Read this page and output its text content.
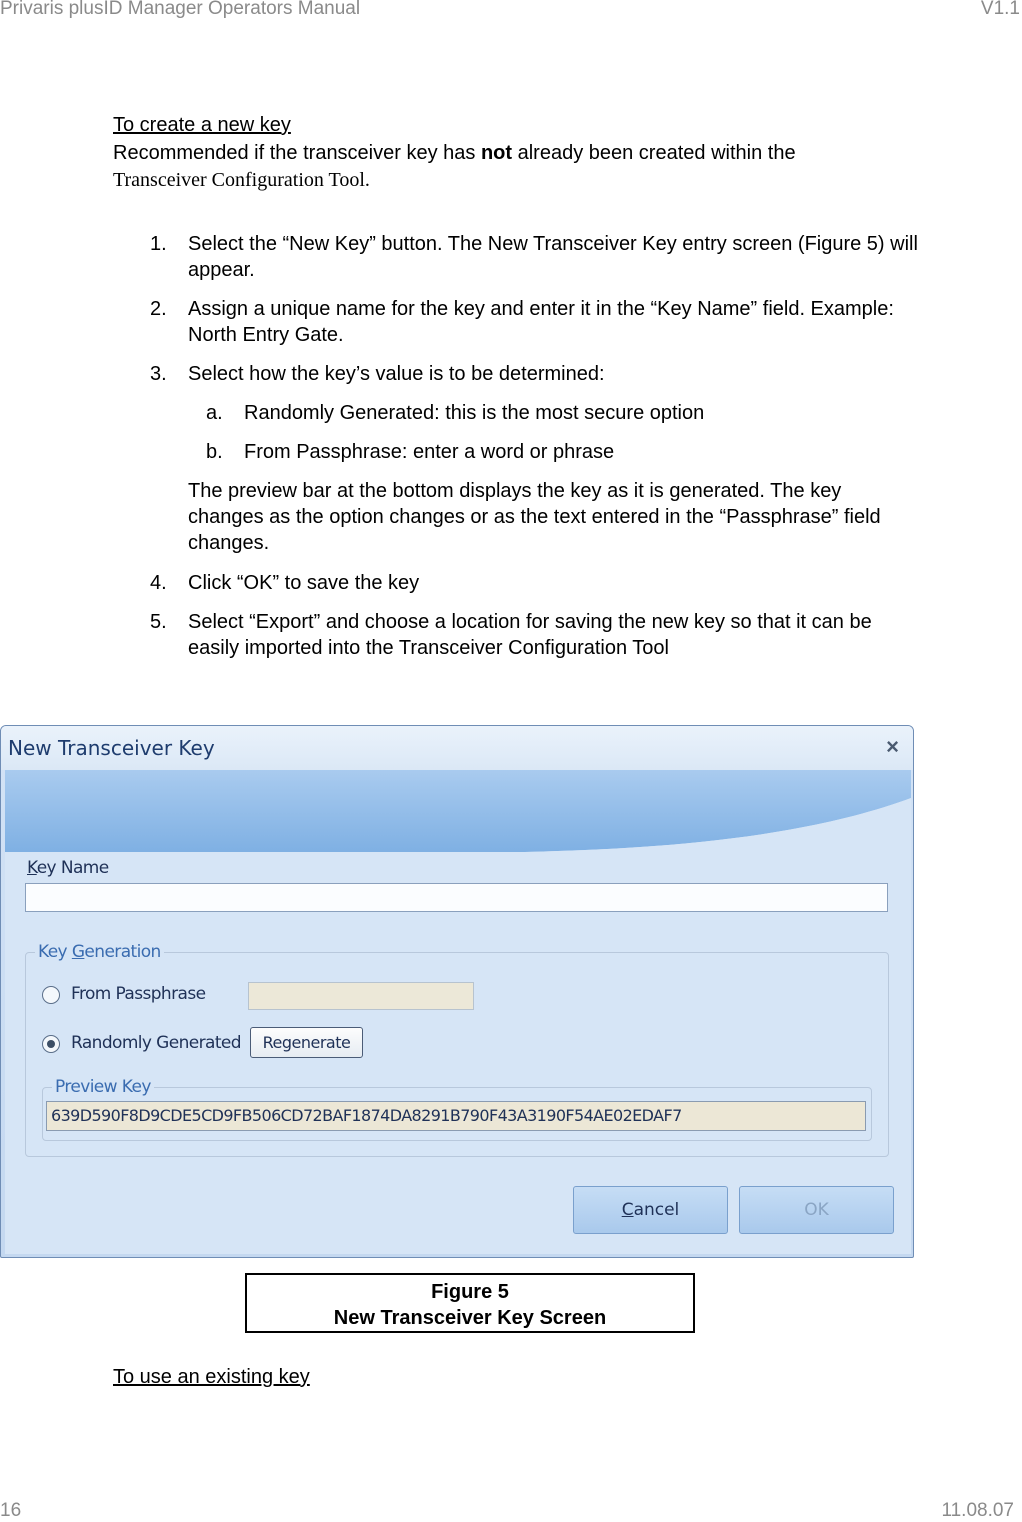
Privaris plusID Manager Operators Manual	V1.1
To create a new key
Recommended if the transceiver key has not already been created within the
Transceiver Configuration Tool.
1. Select the “New Key” button. The New Transceiver Key entry screen (Figure 5) will appear.
2. Assign a unique name for the key and enter it in the “Key Name” field. Example: North Entry Gate.
3. Select how the key’s value is to be determined:
a. Randomly Generated: this is the most secure option
b. From Passphrase: enter a word or phrase
The preview bar at the bottom displays the key as it is generated. The key changes as the option changes or as the text entered in the “Passphrase” field changes.
4. Click “OK” to save the key
5. Select “Export” and choose a location for saving the new key so that it can be easily imported into the Transceiver Configuration Tool
New Transceiver Key	×
Key Name
Key Generation
From Passphrase
Randomly Generated	Regenerate
Preview Key
639D590F8D9CDE5CD9FB506CD72BAF1874DA8291B790F43A3190F54AE02EDAF7
Cancel	OK
Figure 5
New Transceiver Key Screen
To use an existing key
16	11.08.07
